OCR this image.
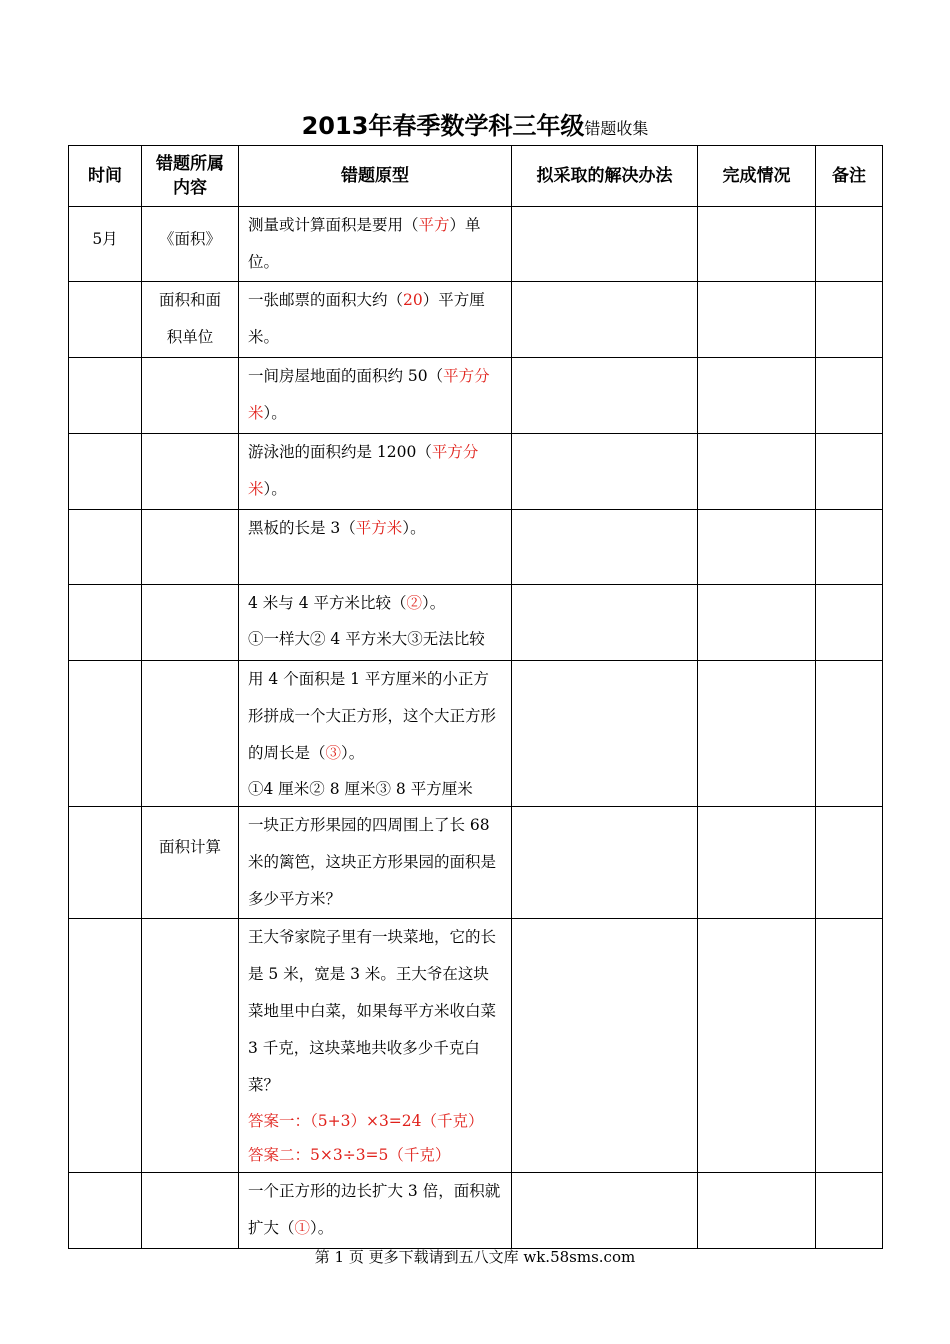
2013年春季数学科三年级错题收集
时间	错题所属内容	错题原型	拟采取的解决办法	完成情况	备注
5月	《面积》	测量或计算面积是要用（平方）单位。			

	面积和面积单位	一张邮票的面积大约（20）平方厘米。			

		一间房屋地面的面积约 50（平方分米）。			

		游泳池的面积约是 1200（平方分米）。			

		黑板的长是 3（平方米）。			

		4 米与 4 平方米比较（②）。
①一样大② 4 平方米大③无法比较			

		用 4 个面积是 1 平方厘米的小正方形拼成一个大正方形，这个大正方形的周长是（③）。
①4 厘米② 8 厘米③ 8 平方厘米			

	面积计算	一块正方形果园的四周围上了长 68 米的篱笆，这块正方形果园的面积是多少平方米？			

		王大爷家院子里有一块菜地，它的长是 5 米，宽是 3 米。王大爷在这块菜地里中白菜，如果每平方米收白菜 3 千克，这块菜地共收多少千克白菜？
答案一：（5+3）×3=24（千克）
答案二：5×3÷3=5（千克）			

		一个正方形的边长扩大 3 倍，面积就扩大（①）。			

第 1 页 更多下载请到五八文库 wk.58sms.com
